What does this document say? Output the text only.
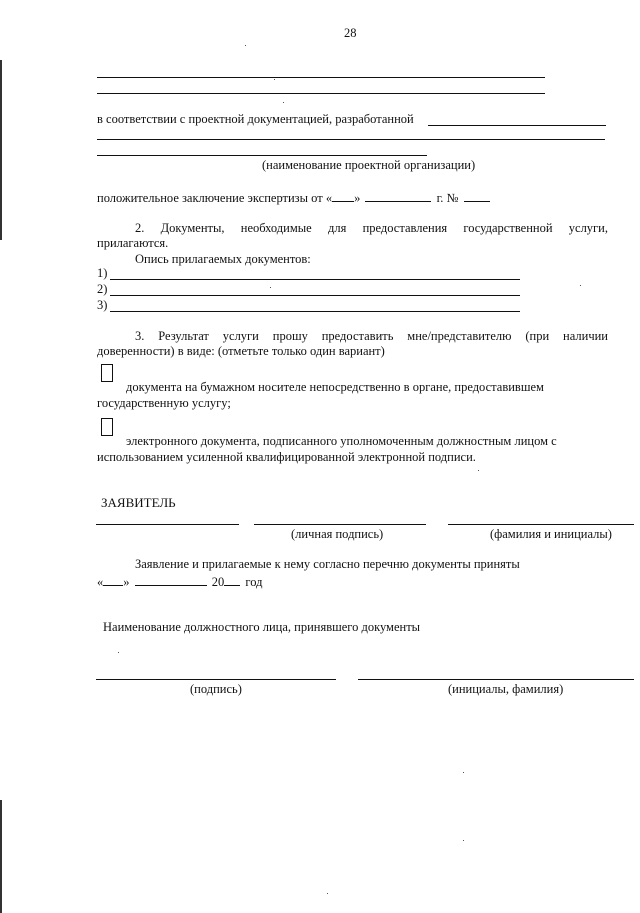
28
в соответствии с проектной документацией, разработанной
(наименование проектной организации)
положительное заключение экспертизы от « »	г. №
2. Документы, необходимые для предоставления государственной услуги,
прилагаются.
Опись прилагаемых документов:
1)
2)
3)
3. Результат услуги прошу предоставить мне/представителю (при наличии
доверенности) в виде: (отметьте только один вариант)
документа на бумажном носителе непосредственно в органе, предоставившем
государственную услугу;
электронного документа, подписанного уполномоченным должностным лицом с
использованием усиленной квалифицированной электронной подписи.
ЗАЯВИТЕЛЬ
(личная подпись)	(фамилия и инициалы)
Заявление и прилагаемые к нему согласно перечню документы приняты
« »	20 год
Наименование должностного лица, принявшего документы
(подпись)	(инициалы, фамилия)
